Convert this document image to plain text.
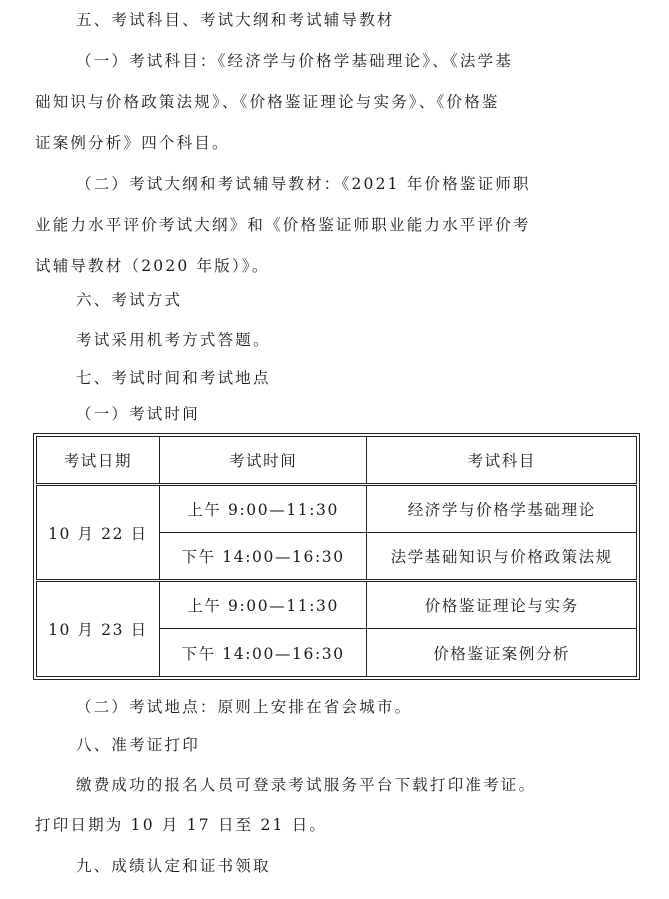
五、考试科目、考试大纲和考试辅导教材
（一）考试科目：《经济学与价格学基础理论》、《法学基
础知识与价格政策法规》、《价格鉴证理论与实务》、《价格鉴
证案例分析》四个科目。
（二）考试大纲和考试辅导教材：《2021 年价格鉴证师职
业能力水平评价考试大纲》和《价格鉴证师职业能力水平评价考
试辅导教材（2020 年版）》。
六、考试方式
考试采用机考方式答题。
七、考试时间和考试地点
（一）考试时间
考试日期	考试时间	考试科目
10 月 22 日	上午 9:00—11:30	经济学与价格学基础理论
	下午 14:00—16:30	法学基础知识与价格政策法规
10 月 23 日	上午 9:00—11:30	价格鉴证理论与实务
	下午 14:00—16:30	价格鉴证案例分析
（二）考试地点：原则上安排在省会城市。
八、准考证打印
缴费成功的报名人员可登录考试服务平台下载打印准考证。
打印日期为 10 月 17 日至 21 日。
九、成绩认定和证书领取
